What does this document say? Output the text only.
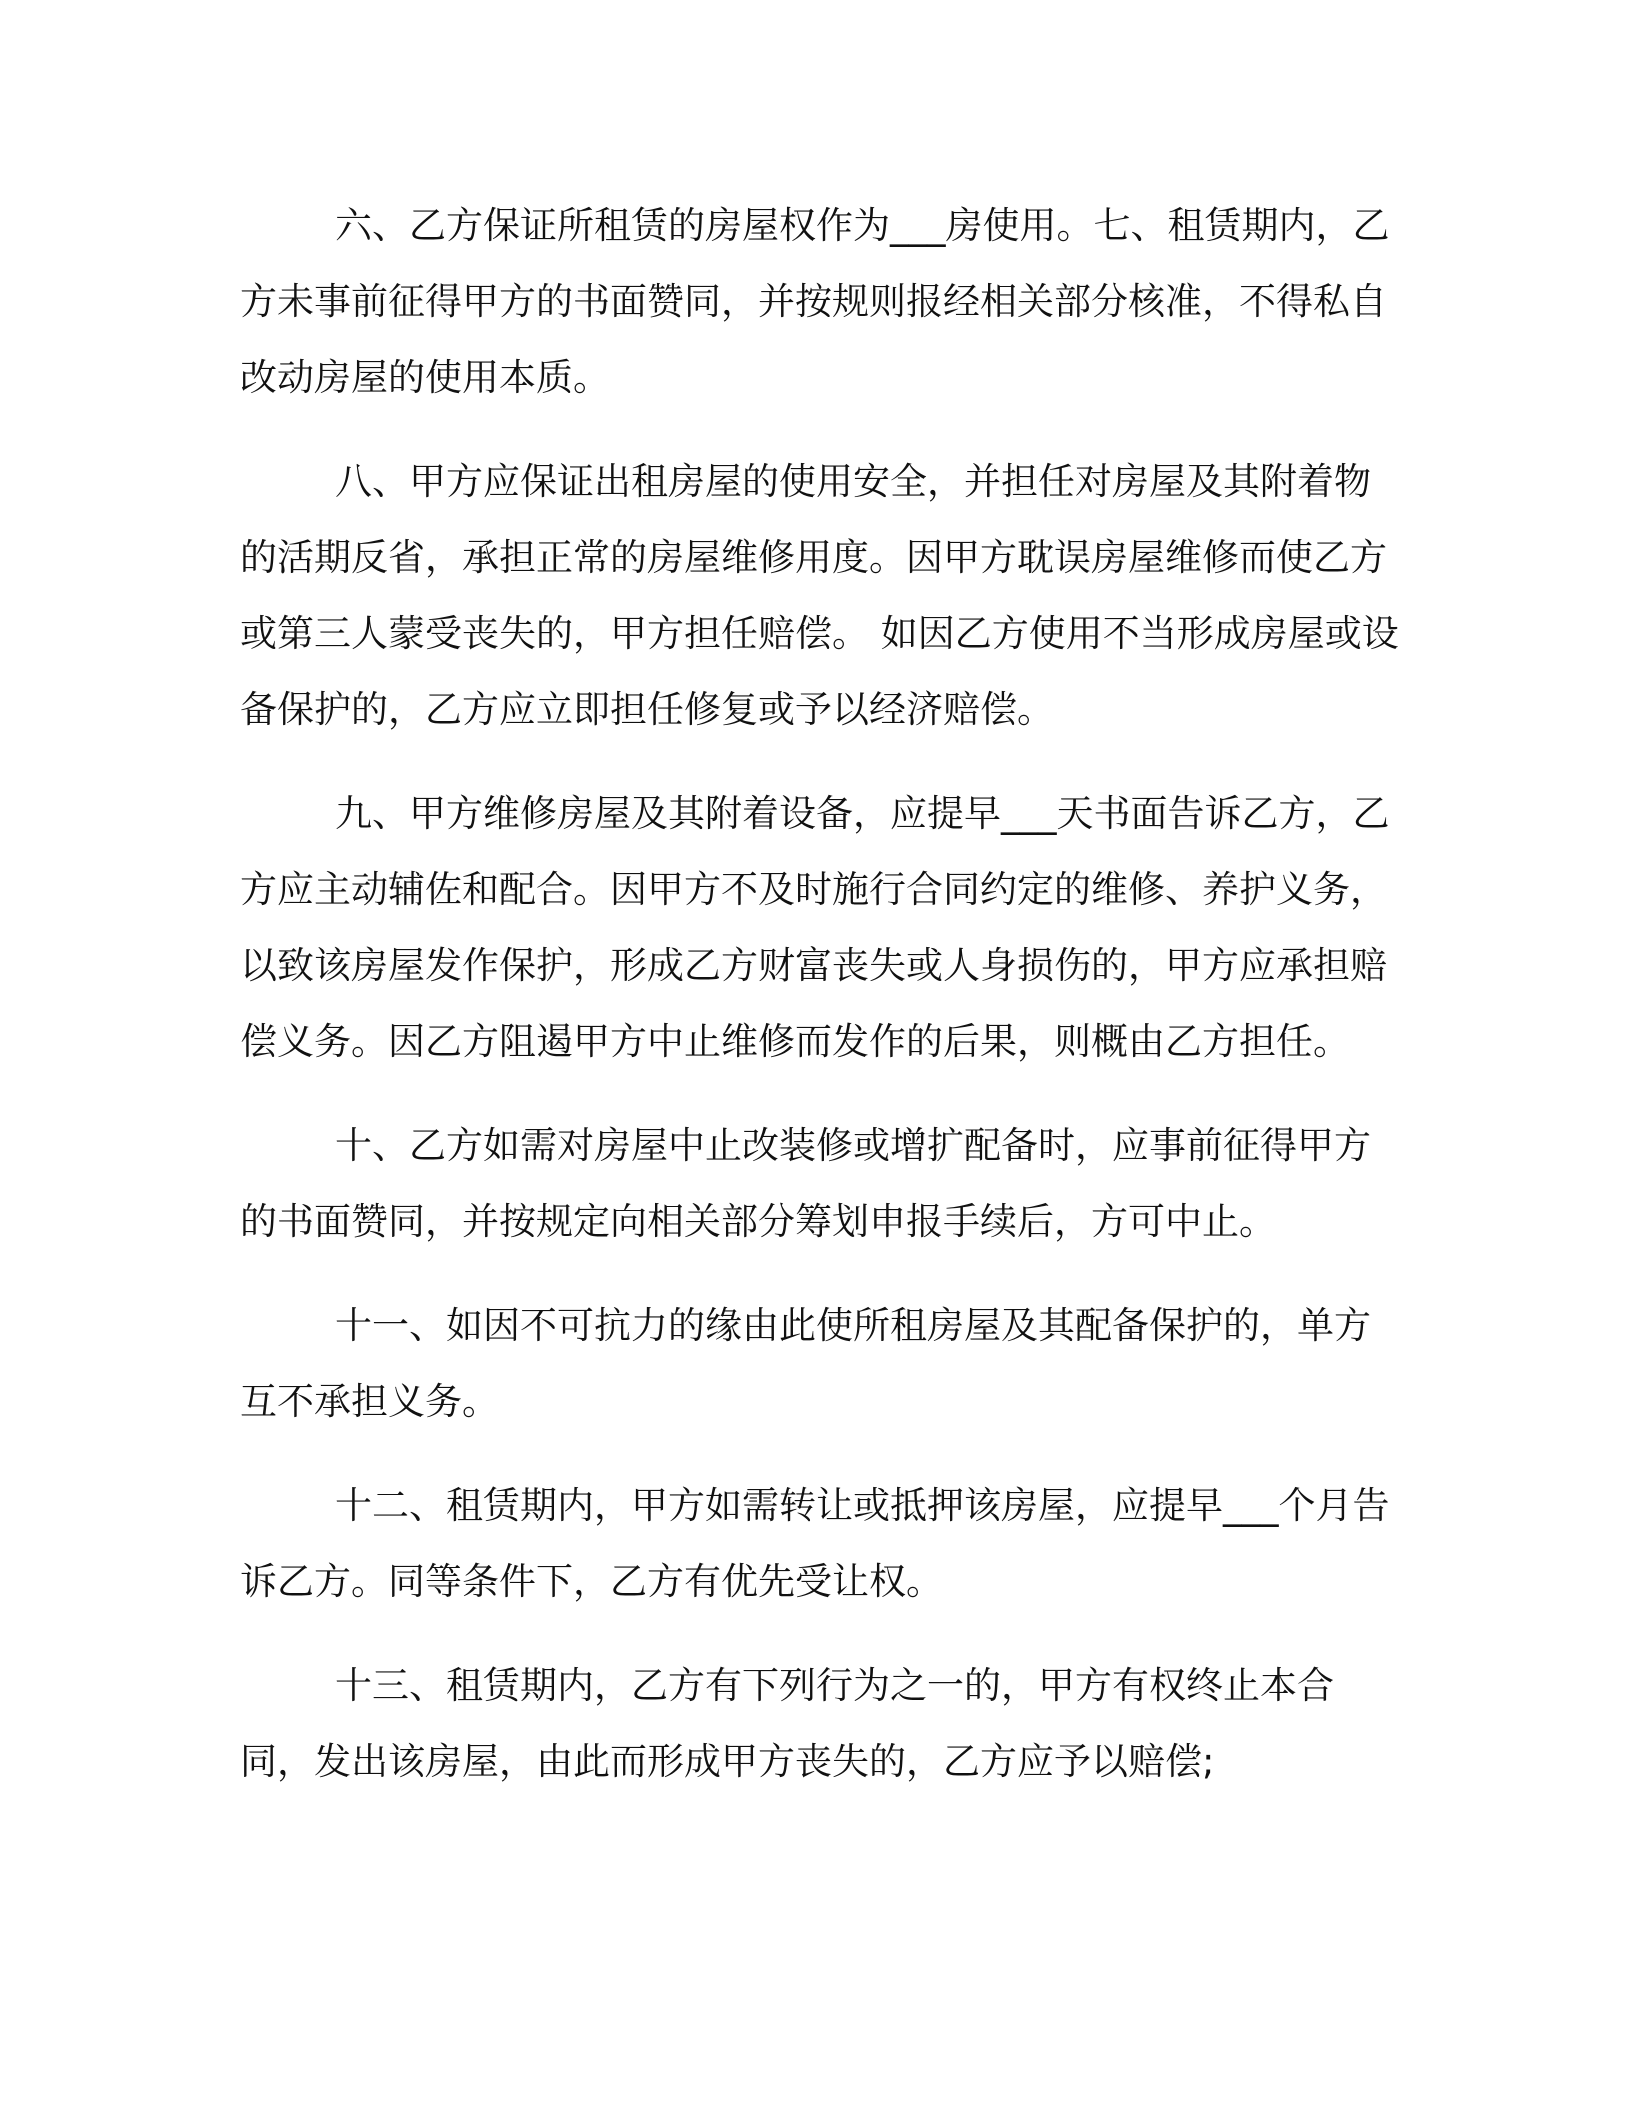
六、乙方保证所租赁的房屋权作为___房使用。七、租赁期内，乙方未事前征得甲方的书面赞同，并按规则报经相关部分核准，不得私自改动房屋的使用本质。

八、甲方应保证出租房屋的使用安全，并担任对房屋及其附着物的活期反省，承担正常的房屋维修用度。因甲方耽误房屋维修而使乙方或第三人蒙受丧失的，甲方担任赔偿。 如因乙方使用不当形成房屋或设备保护的，乙方应立即担任修复或予以经济赔偿。

九、甲方维修房屋及其附着设备，应提早___天书面告诉乙方，乙方应主动辅佐和配合。因甲方不及时施行合同约定的维修、养护义务，以致该房屋发作保护，形成乙方财富丧失或人身损伤的，甲方应承担赔偿义务。因乙方阻遏甲方中止维修而发作的后果，则概由乙方担任。

十、乙方如需对房屋中止改装修或增扩配备时，应事前征得甲方的书面赞同，并按规定向相关部分筹划申报手续后，方可中止。

十一、如因不可抗力的缘由此使所租房屋及其配备保护的，单方互不承担义务。

十二、租赁期内，甲方如需转让或抵押该房屋，应提早___个月告诉乙方。同等条件下，乙方有优先受让权。

十三、租赁期内，乙方有下列行为之一的，甲方有权终止本合同，发出该房屋，由此而形成甲方丧失的，乙方应予以赔偿;
